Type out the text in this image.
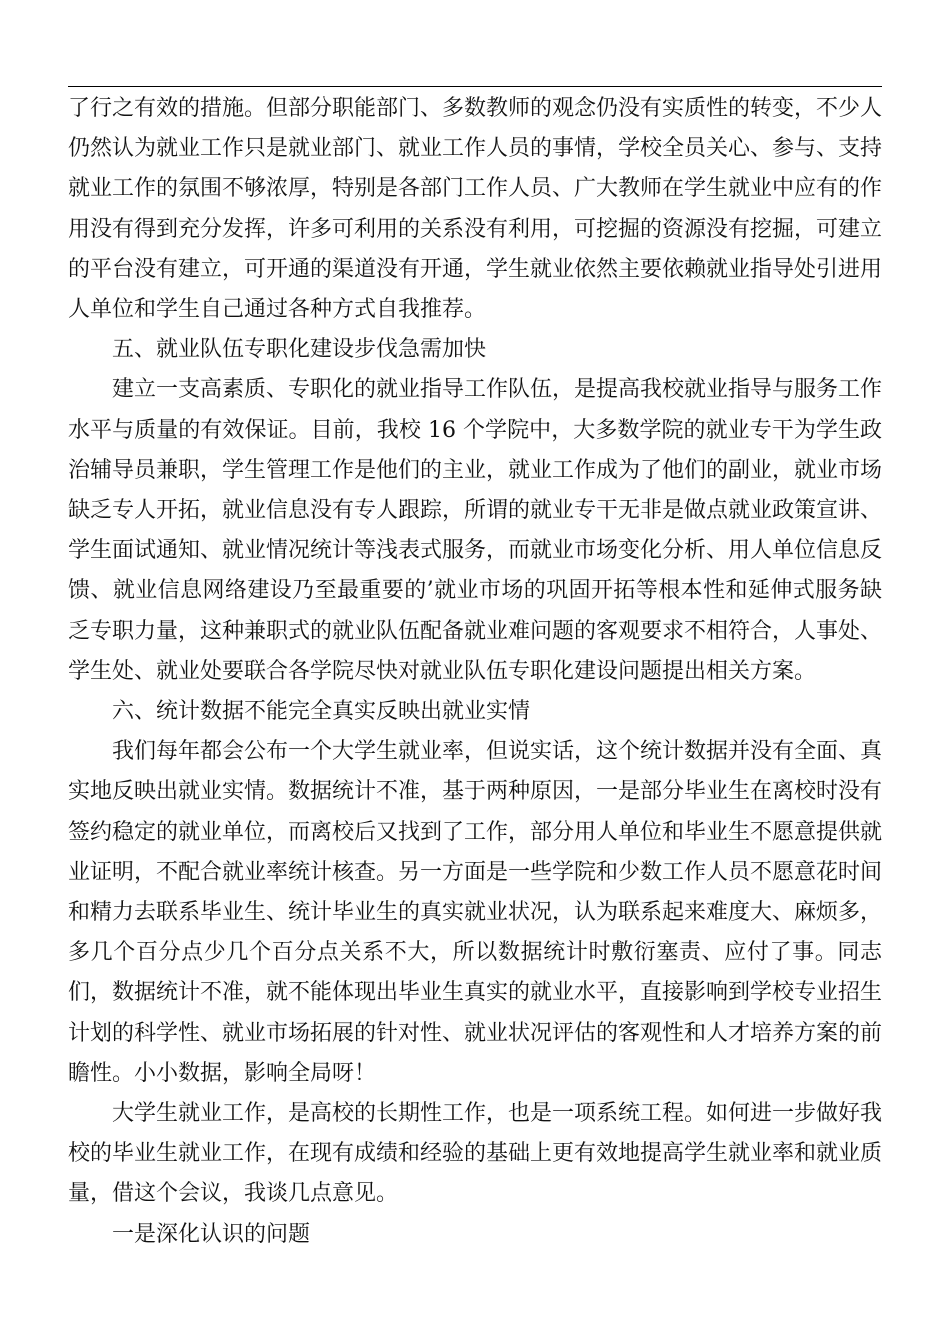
了行之有效的措施。但部分职能部门、多数教师的观念仍没有实质性的转变，不少人仍然认为就业工作只是就业部门、就业工作人员的事情，学校全员关心、参与、支持就业工作的氛围不够浓厚，特别是各部门工作人员、广大教师在学生就业中应有的作用没有得到充分发挥，许多可利用的关系没有利用，可挖掘的资源没有挖掘，可建立的平台没有建立，可开通的渠道没有开通，学生就业依然主要依赖就业指导处引进用人单位和学生自己通过各种方式自我推荐。

五、就业队伍专职化建设步伐急需加快

建立一支高素质、专职化的就业指导工作队伍，是提高我校就业指导与服务工作水平与质量的有效保证。目前，我校 16 个学院中，大多数学院的就业专干为学生政治辅导员兼职，学生管理工作是他们的主业，就业工作成为了他们的副业，就业市场缺乏专人开拓，就业信息没有专人跟踪，所谓的就业专干无非是做点就业政策宣讲、学生面试通知、就业情况统计等浅表式服务，而就业市场变化分析、用人单位信息反馈、就业信息网络建设乃至最重要的’就业市场的巩固开拓等根本性和延伸式服务缺乏专职力量，这种兼职式的就业队伍配备就业难问题的客观要求不相符合，人事处、学生处、就业处要联合各学院尽快对就业队伍专职化建设问题提出相关方案。

六、统计数据不能完全真实反映出就业实情

我们每年都会公布一个大学生就业率，但说实话，这个统计数据并没有全面、真实地反映出就业实情。数据统计不准，基于两种原因，一是部分毕业生在离校时没有签约稳定的就业单位，而离校后又找到了工作，部分用人单位和毕业生不愿意提供就业证明，不配合就业率统计核查。另一方面是一些学院和少数工作人员不愿意花时间和精力去联系毕业生、统计毕业生的真实就业状况，认为联系起来难度大、麻烦多，多几个百分点少几个百分点关系不大，所以数据统计时敷衍塞责、应付了事。同志们，数据统计不准，就不能体现出毕业生真实的就业水平，直接影响到学校专业招生计划的科学性、就业市场拓展的针对性、就业状况评估的客观性和人才培养方案的前瞻性。小小数据，影响全局呀！

大学生就业工作，是高校的长期性工作，也是一项系统工程。如何进一步做好我校的毕业生就业工作，在现有成绩和经验的基础上更有效地提高学生就业率和就业质量，借这个会议，我谈几点意见。

一是深化认识的问题
